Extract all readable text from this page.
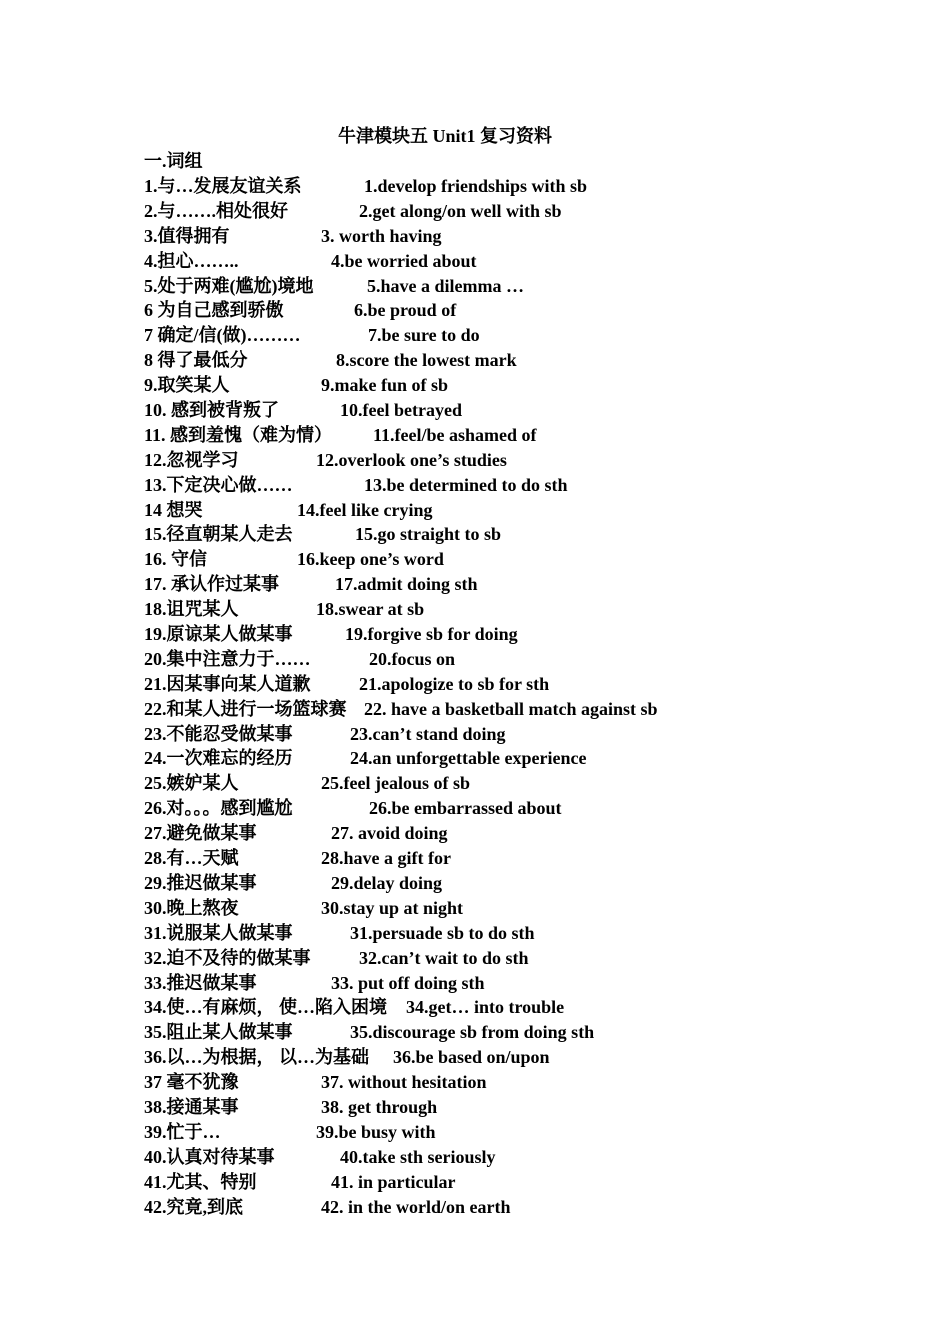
牛津模块五 Unit1 复习资料
一.词组
1.与…发展友谊关系	1.develop friendships with sb
2.与…….相处很好	2.get along/on well with sb
3.值得拥有	3. worth having
4.担心……..	4.be worried about
5.处于两难(尴尬)境地	5.have a dilemma …
6 为自己感到骄傲	6.be proud of
7 确定/信(做)………	7.be sure to do
8 得了最低分	8.score the lowest mark
9.取笑某人	9.make fun of sb
10. 感到被背叛了	10.feel betrayed
11. 感到羞愧（难为情） 11.feel/be ashamed of
12.忽视学习	12.overlook one’s studies
13.下定决心做……	13.be determined to do sth
14 想哭	14.feel like crying
15.径直朝某人走去	15.go straight to sb
16. 守信	16.keep one’s word
17. 承认作过某事	17.admit doing sth
18.诅咒某人	18.swear at sb
19.原谅某人做某事	19.forgive sb for doing
20.集中注意力于……	20.focus on
21.因某事向某人道歉	21.apologize to sb for sth
22.和某人进行一场篮球赛 22. have a basketball match against sb
23.不能忍受做某事	23.can’t stand doing
24.一次难忘的经历	24.an unforgettable experience
25.嫉妒某人	25.feel jealous of sb
26.对。。。感到尴尬	26.be embarrassed about
27.避免做某事	27. avoid doing
28.有…天赋	28.have a gift for
29.推迟做某事	29.delay doing
30.晚上熬夜	30.stay up at night
31.说服某人做某事	31.persuade sb to do sth
32.迫不及待的做某事	32.can’t wait to do sth
33.推迟做某事	33. put off doing sth
34.使…有麻烦， 使…陷入困境 34.get… into trouble
35.阻止某人做某事	35.discourage sb from doing sth
36.以…为根据， 以…为基础 36.be based on/upon
37 毫不犹豫	37. without hesitation
38.接通某事	38. get through
39.忙于…	39.be busy with
40.认真对待某事	40.take sth seriously
41.尤其、特别	41. in particular
42.究竟,到底	42. in the world/on earth
